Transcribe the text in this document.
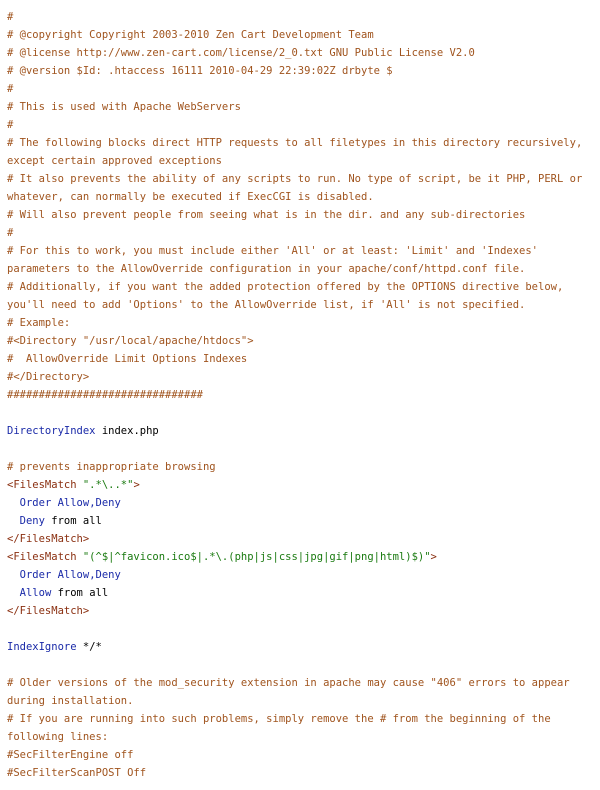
#
# @copyright Copyright 2003-2010 Zen Cart Development Team
# @license http://www.zen-cart.com/license/2_0.txt GNU Public License V2.0
# @version $Id: .htaccess 16111 2010-04-29 22:39:02Z drbyte $
#
# This is used with Apache WebServers
#
# The following blocks direct HTTP requests to all filetypes in this directory recursively, except certain approved exceptions
# It also prevents the ability of any scripts to run. No type of script, be it PHP, PERL or whatever, can normally be executed if ExecCGI is disabled.
# Will also prevent people from seeing what is in the dir. and any sub-directories
#
# For this to work, you must include either 'All' or at least: 'Limit' and 'Indexes' parameters to the AllowOverride configuration in your apache/conf/httpd.conf file.
# Additionally, if you want the added protection offered by the OPTIONS directive below, you'll need to add 'Options' to the AllowOverride list, if 'All' is not specified.
# Example:
#<Directory "/usr/local/apache/htdocs">
#  AllowOverride Limit Options Indexes
#</Directory>
###############################
DirectoryIndex index.php
# prevents inappropriate browsing
<FilesMatch ".*\..*">
Order Allow,Deny
Deny from all
</FilesMatch>
<FilesMatch "(^$|^favicon.ico$|.*\.(php|js|css|jpg|gif|png|html)$)">
Order Allow,Deny
Allow from all
</FilesMatch>
IndexIgnore */*
# Older versions of the mod_security extension in apache may cause "406" errors to appear during installation.
# If you are running into such problems, simply remove the # from the beginning of the following lines:
#SecFilterEngine off
#SecFilterScanPOST Off
